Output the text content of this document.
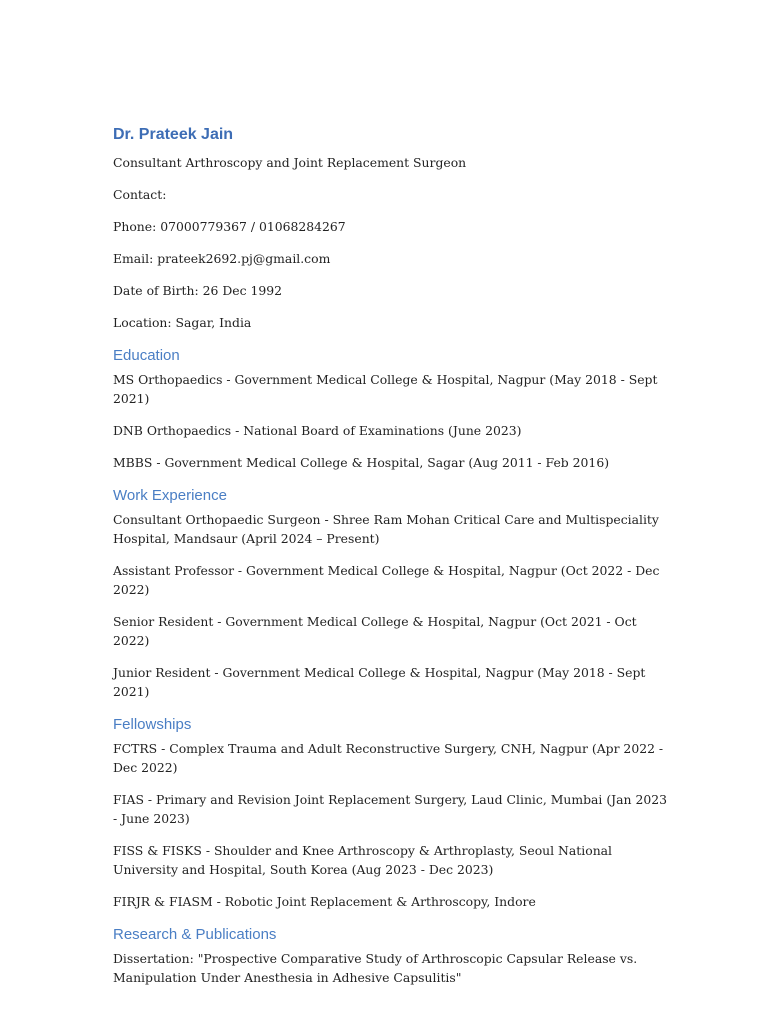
Dr. Prateek Jain

Consultant Arthroscopy and Joint Replacement Surgeon

Contact:

Phone: 07000779367 / 01068284267

Email: prateek2692.pj@gmail.com

Date of Birth: 26 Dec 1992

Location: Sagar, India

Education

MS Orthopaedics - Government Medical College & Hospital, Nagpur (May 2018 - Sept 2021)

DNB Orthopaedics - National Board of Examinations (June 2023)

MBBS - Government Medical College & Hospital, Sagar (Aug 2011 - Feb 2016)

Work Experience

Consultant Orthopaedic Surgeon - Shree Ram Mohan Critical Care and Multispeciality Hospital, Mandsaur (April 2024 – Present)

Assistant Professor - Government Medical College & Hospital, Nagpur (Oct 2022 - Dec 2022)

Senior Resident - Government Medical College & Hospital, Nagpur (Oct 2021 - Oct 2022)

Junior Resident - Government Medical College & Hospital, Nagpur (May 2018 - Sept 2021)

Fellowships

FCTRS - Complex Trauma and Adult Reconstructive Surgery, CNH, Nagpur (Apr 2022 - Dec 2022)

FIAS - Primary and Revision Joint Replacement Surgery, Laud Clinic, Mumbai (Jan 2023 - June 2023)

FISS & FISKS - Shoulder and Knee Arthroscopy & Arthroplasty, Seoul National University and Hospital, South Korea (Aug 2023 - Dec 2023)

FIRJR & FIASM - Robotic Joint Replacement & Arthroscopy, Indore

Research & Publications

Dissertation: "Prospective Comparative Study of Arthroscopic Capsular Release vs. Manipulation Under Anesthesia in Adhesive Capsulitis"
